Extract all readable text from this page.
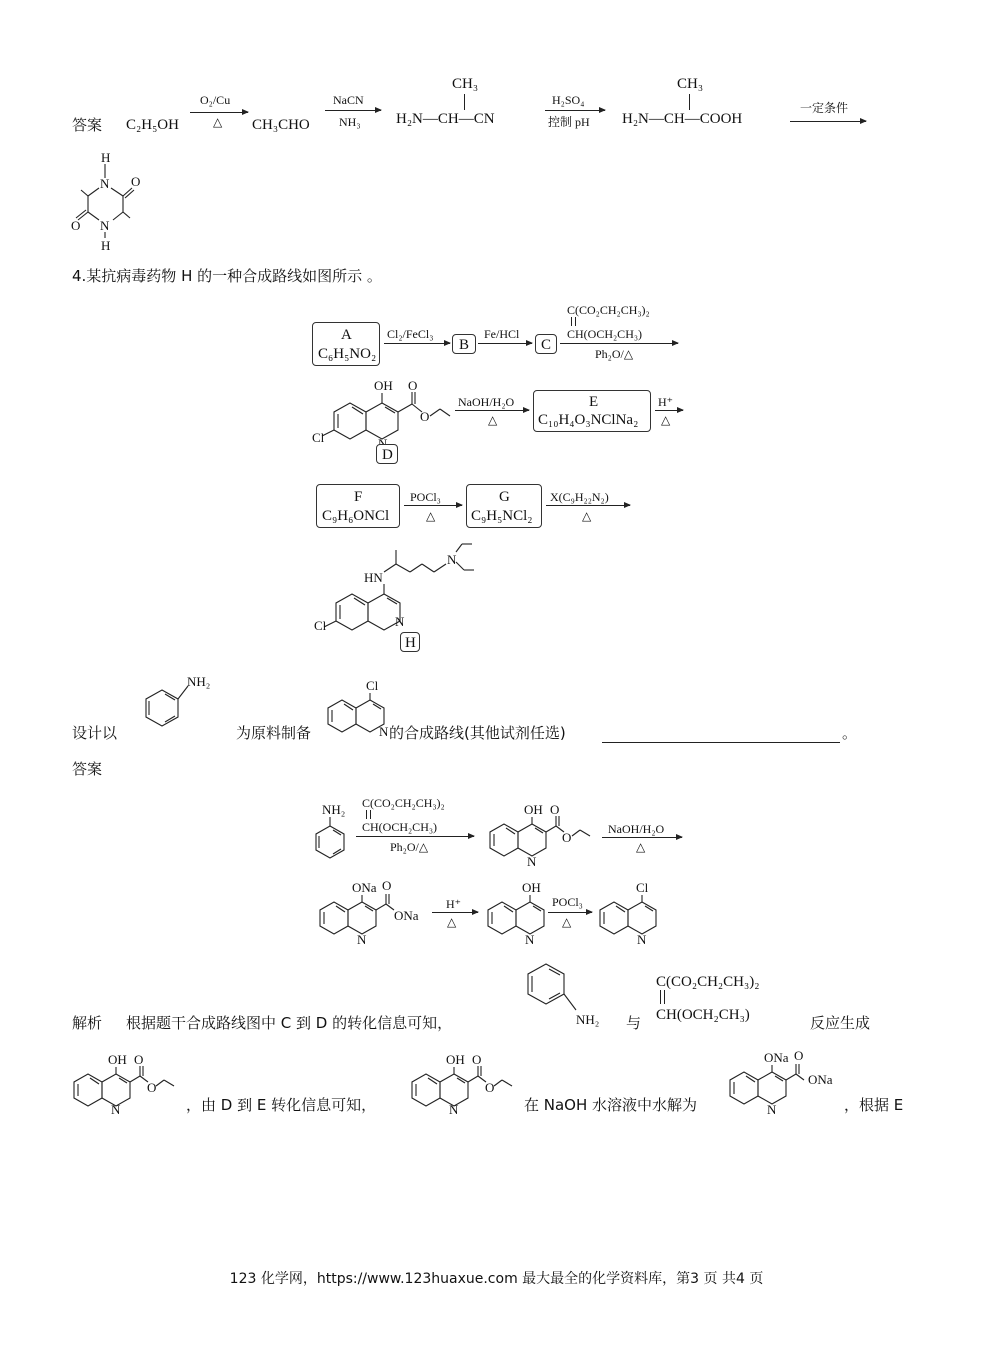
答案 C₂H₅OH
O₂/Cu
△ CH₃CHO
NaCN
NH₃
CH₃
H₂N—CH—CN
H₂SO₄
控制 pH
CH₃
H₂N—CH—COOH
一定条件
H
N O
O N
H
4.某抗病毒药物 H 的一种合成路线如图所示 。
A
C₆H₅NO₂
Cl₂/FeCl₃
B
Fe/HCl
→ C
C(CO₂CH₂CH₃)₂
CH(OCH₂CH₃)
Ph₂O/△
OH O
O
Cl
D
NaOH/H₂O
△
E
C₁₀H₄O₃NClNa₂
H⁺
△
F
C₉H₆ONCl
POCl₃
△
G
C₉H₅NCl₂
X(C₉H₂₂N₂)
△
HN
N
Cl	N
H
设计以
NH₂
为原料制备
Cl
N 的合成路线(其他试剂任选)	。
答案
NH₂ C(CO₂CH₂CH₃)₂
CH(OCH₂CH₃)
Ph₂O/△
OH O
O
N
NaOH/H₂O
△
ONa O
ONa
N
H⁺
△
OH
N
POCl₃
△
Cl
N
解析 根据题干合成路线图中 C 到 D 的转化信息可知，	NH₂ 与
C(CO₂CH₂CH₃)₂
CH(OCH₂CH₃)	反应生成
OH O
O
N	，由 D 到 E 转化信息可知，
OH O
O
N	在 NaOH 水溶液中水解为
ONa O
ONa
N	，根据 E
123 化学网，https://www.123huaxue.com 最大最全的化学资料库，第3 页 共4 页
